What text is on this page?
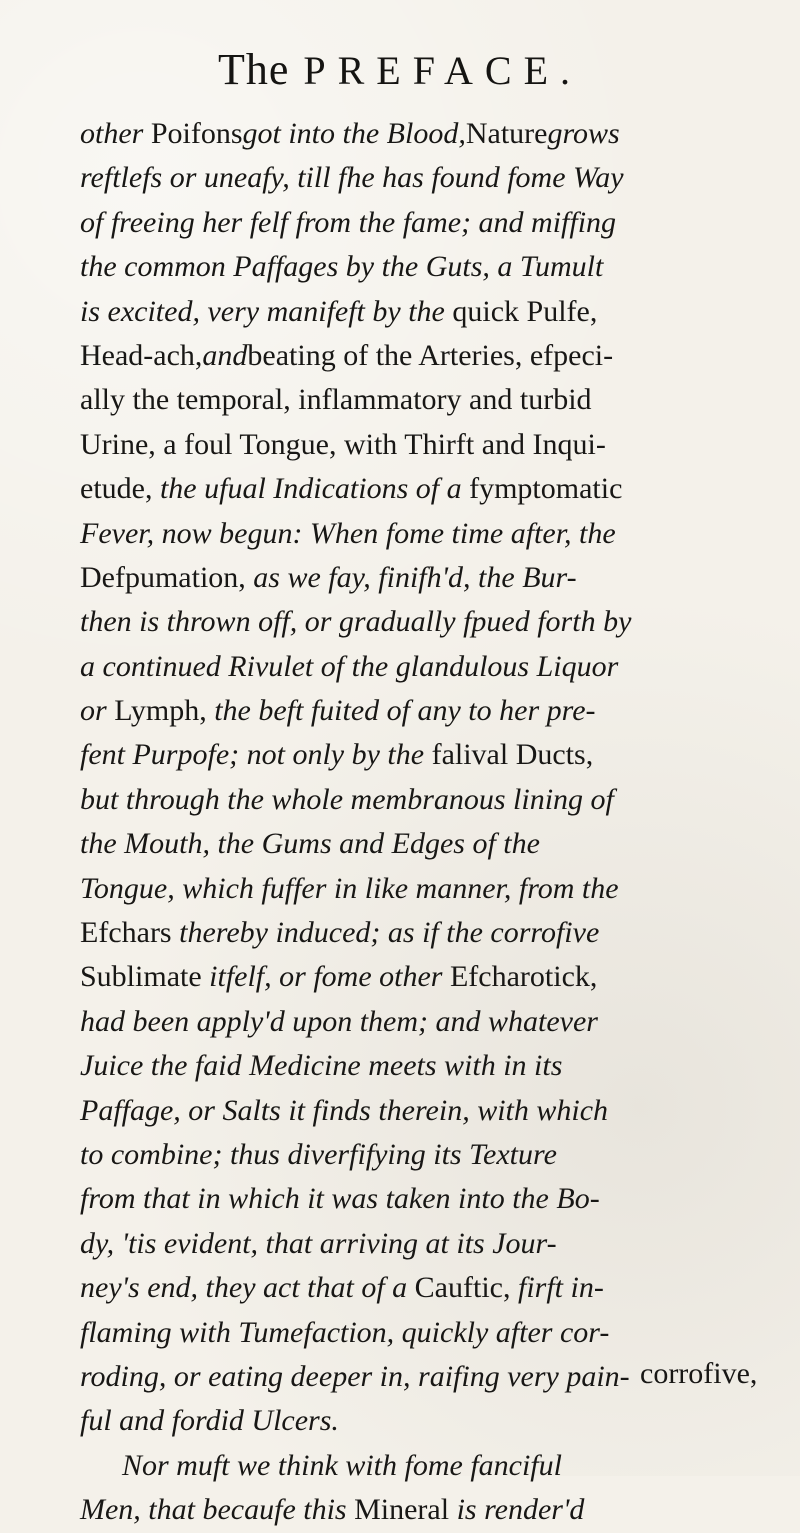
The PREFACE.
other Poifonsgot into the Blood,Naturegrows
reftlefs or uneafy, till fhe has found fome Way
of freeing her felf from the fame; and miffing
the common Paffages by the Guts, a Tumult
is excited, very manifeft by the quick Pulfe,
Head-ach,andbeating of the Arteries, efpeci-
ally the temporal, inflammatory and turbid
Urine, a foul Tongue, with Thirft and Inqui-
etude, the ufual Indications of a fymptomatic
Fever, now begun: When fome time after, the
Defpumation, as we fay, finifh'd, the Bur-
then is thrown off, or gradually fpued forth by
a continued Rivulet of the glandulous Liquor
or Lymph, the beft fuited of any to her pre-
fent Purpofe; not only by the falival Ducts,
but through the whole membranous lining of
the Mouth, the Gums and Edges of the
Tongue, which fuffer in like manner, from the
Efchars thereby induced; as if the corrofive
Sublimate itfelf, or fome other Efcharotick,
had been apply'd upon them; and whatever
Juice the faid Medicine meets with in its
Paffage, or Salts it finds therein, with which
to combine; thus diverfifying its Texture
from that in which it was taken into the Bo-
dy, 'tis evident, that arriving at its Jour-
ney's end, they act that of a Cauftic, firft in-
flaming with Tumefaction, quickly after cor-
roding, or eating deeper in, raifing very pain-
ful and fordid Ulcers.
Nor muft we think with fome fanciful
Men, that becaufe this Mineral is render'd
corrofive,
